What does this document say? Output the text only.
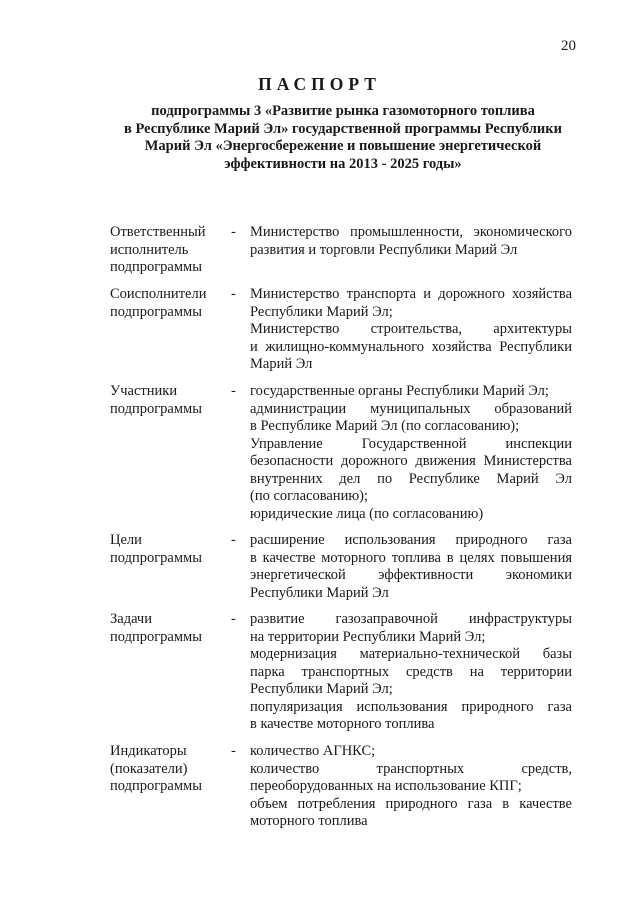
20
ПАСПОРТ
подпрограммы 3 «Развитие рынка газомоторного топлива
в Республике Марий Эл» государственной программы Республики
Марий Эл «Энергосбережение и повышение энергетической
эффективности на 2013 - 2025 годы»
Ответственный
исполнитель
подпрограммы
- Министерство промышленности, экономического
развития и торговли Республики Марий Эл
Соисполнители
подпрограммы
- Министерство транспорта и дорожного хозяйства
Республики Марий Эл;
Министерство строительства, архитектуры
и жилищно-коммунального хозяйства Республики
Марий Эл
Участники
подпрограммы
- государственные органы Республики Марий Эл;
администрации муниципальных образований
в Республике Марий Эл (по согласованию);
Управление Государственной инспекции
безопасности дорожного движения Министерства
внутренних дел по Республике Марий Эл
(по согласованию);
юридические лица (по согласованию)
Цели
подпрограммы
- расширение использования природного газа
в качестве моторного топлива в целях повышения
энергетической эффективности экономики
Республики Марий Эл
Задачи
подпрограммы
- развитие газозаправочной инфраструктуры
на территории Республики Марий Эл;
модернизация материально-технической базы
парка транспортных средств на территории
Республики Марий Эл;
популяризация использования природного газа
в качестве моторного топлива
Индикаторы
(показатели)
подпрограммы
- количество АГНКС;
количество транспортных средств,
переоборудованных на использование КПГ;
объем потребления природного газа в качестве
моторного топлива
